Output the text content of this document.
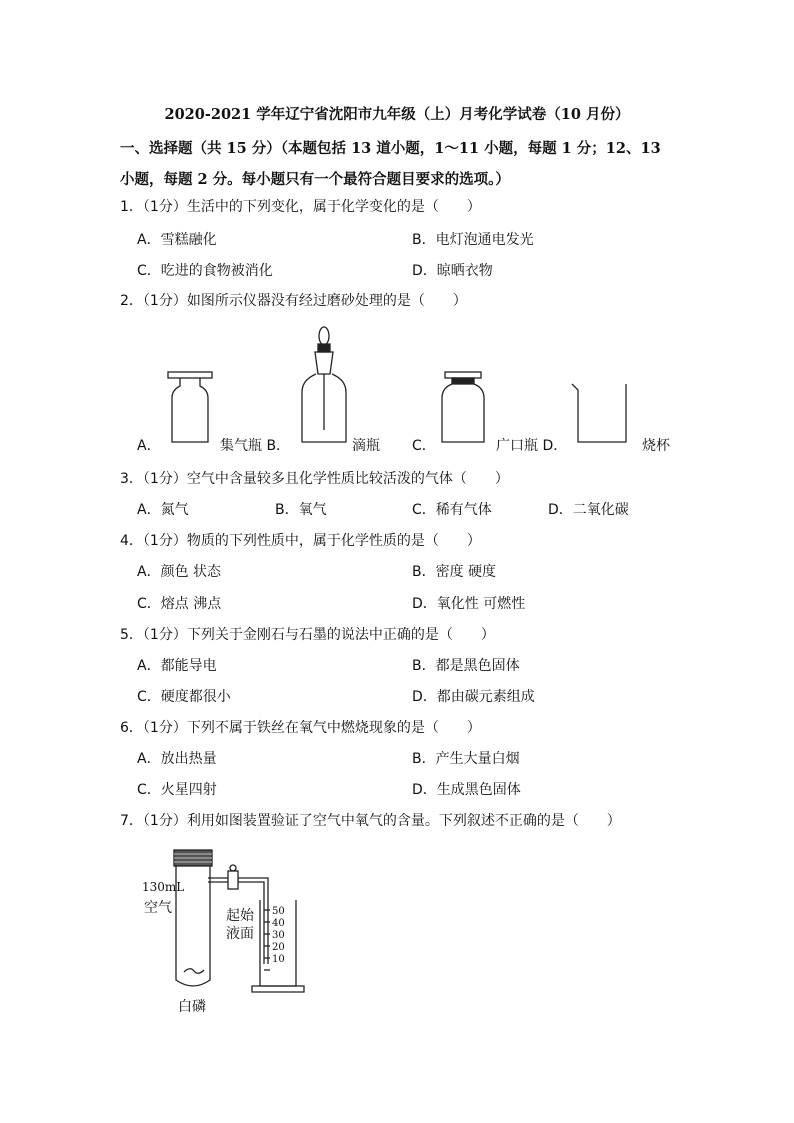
2020-2021 学年辽宁省沈阳市九年级（上）月考化学试卷（10 月份）
一、选择题（共 15 分）（本题包括 13 道小题，1～11 小题，每题 1 分；12、13 小题，每题 2 分。每小题只有一个最符合题目要求的选项。）
1．（1分）生活中的下列变化，属于化学变化的是（　　）
A．雪糕融化	B．电灯泡通电发光
C．吃进的食物被消化	D．晾晒衣物
2．（1分）如图所示仪器没有经过磨砂处理的是（　　）
A．	集气瓶 B．	滴瓶 C．	广口瓶 D．	烧杯
3．（1分）空气中含量较多且化学性质比较活泼的气体（　　）
A．氮气	B．氧气	C．稀有气体	D．二氧化碳
4．（1分）物质的下列性质中，属于化学性质的是（　　）
A．颜色 状态	B．密度 硬度
C．熔点 沸点	D．氧化性 可燃性
5．（1分）下列关于金刚石与石墨的说法中正确的是（　　）
A．都能导电	B．都是黑色固体
C．硬度都很小	D．都由碳元素组成
6．（1分）下列不属于铁丝在氧气中燃烧现象的是（　　）
A．放出热量	B．产生大量白烟
C．火星四射	D．生成黑色固体
7．（1分）利用如图装置验证了空气中氧气的含量。下列叙述不正确的是（　　）
130mL
空气	起始
液面
50
40
30
20
10
白磷
